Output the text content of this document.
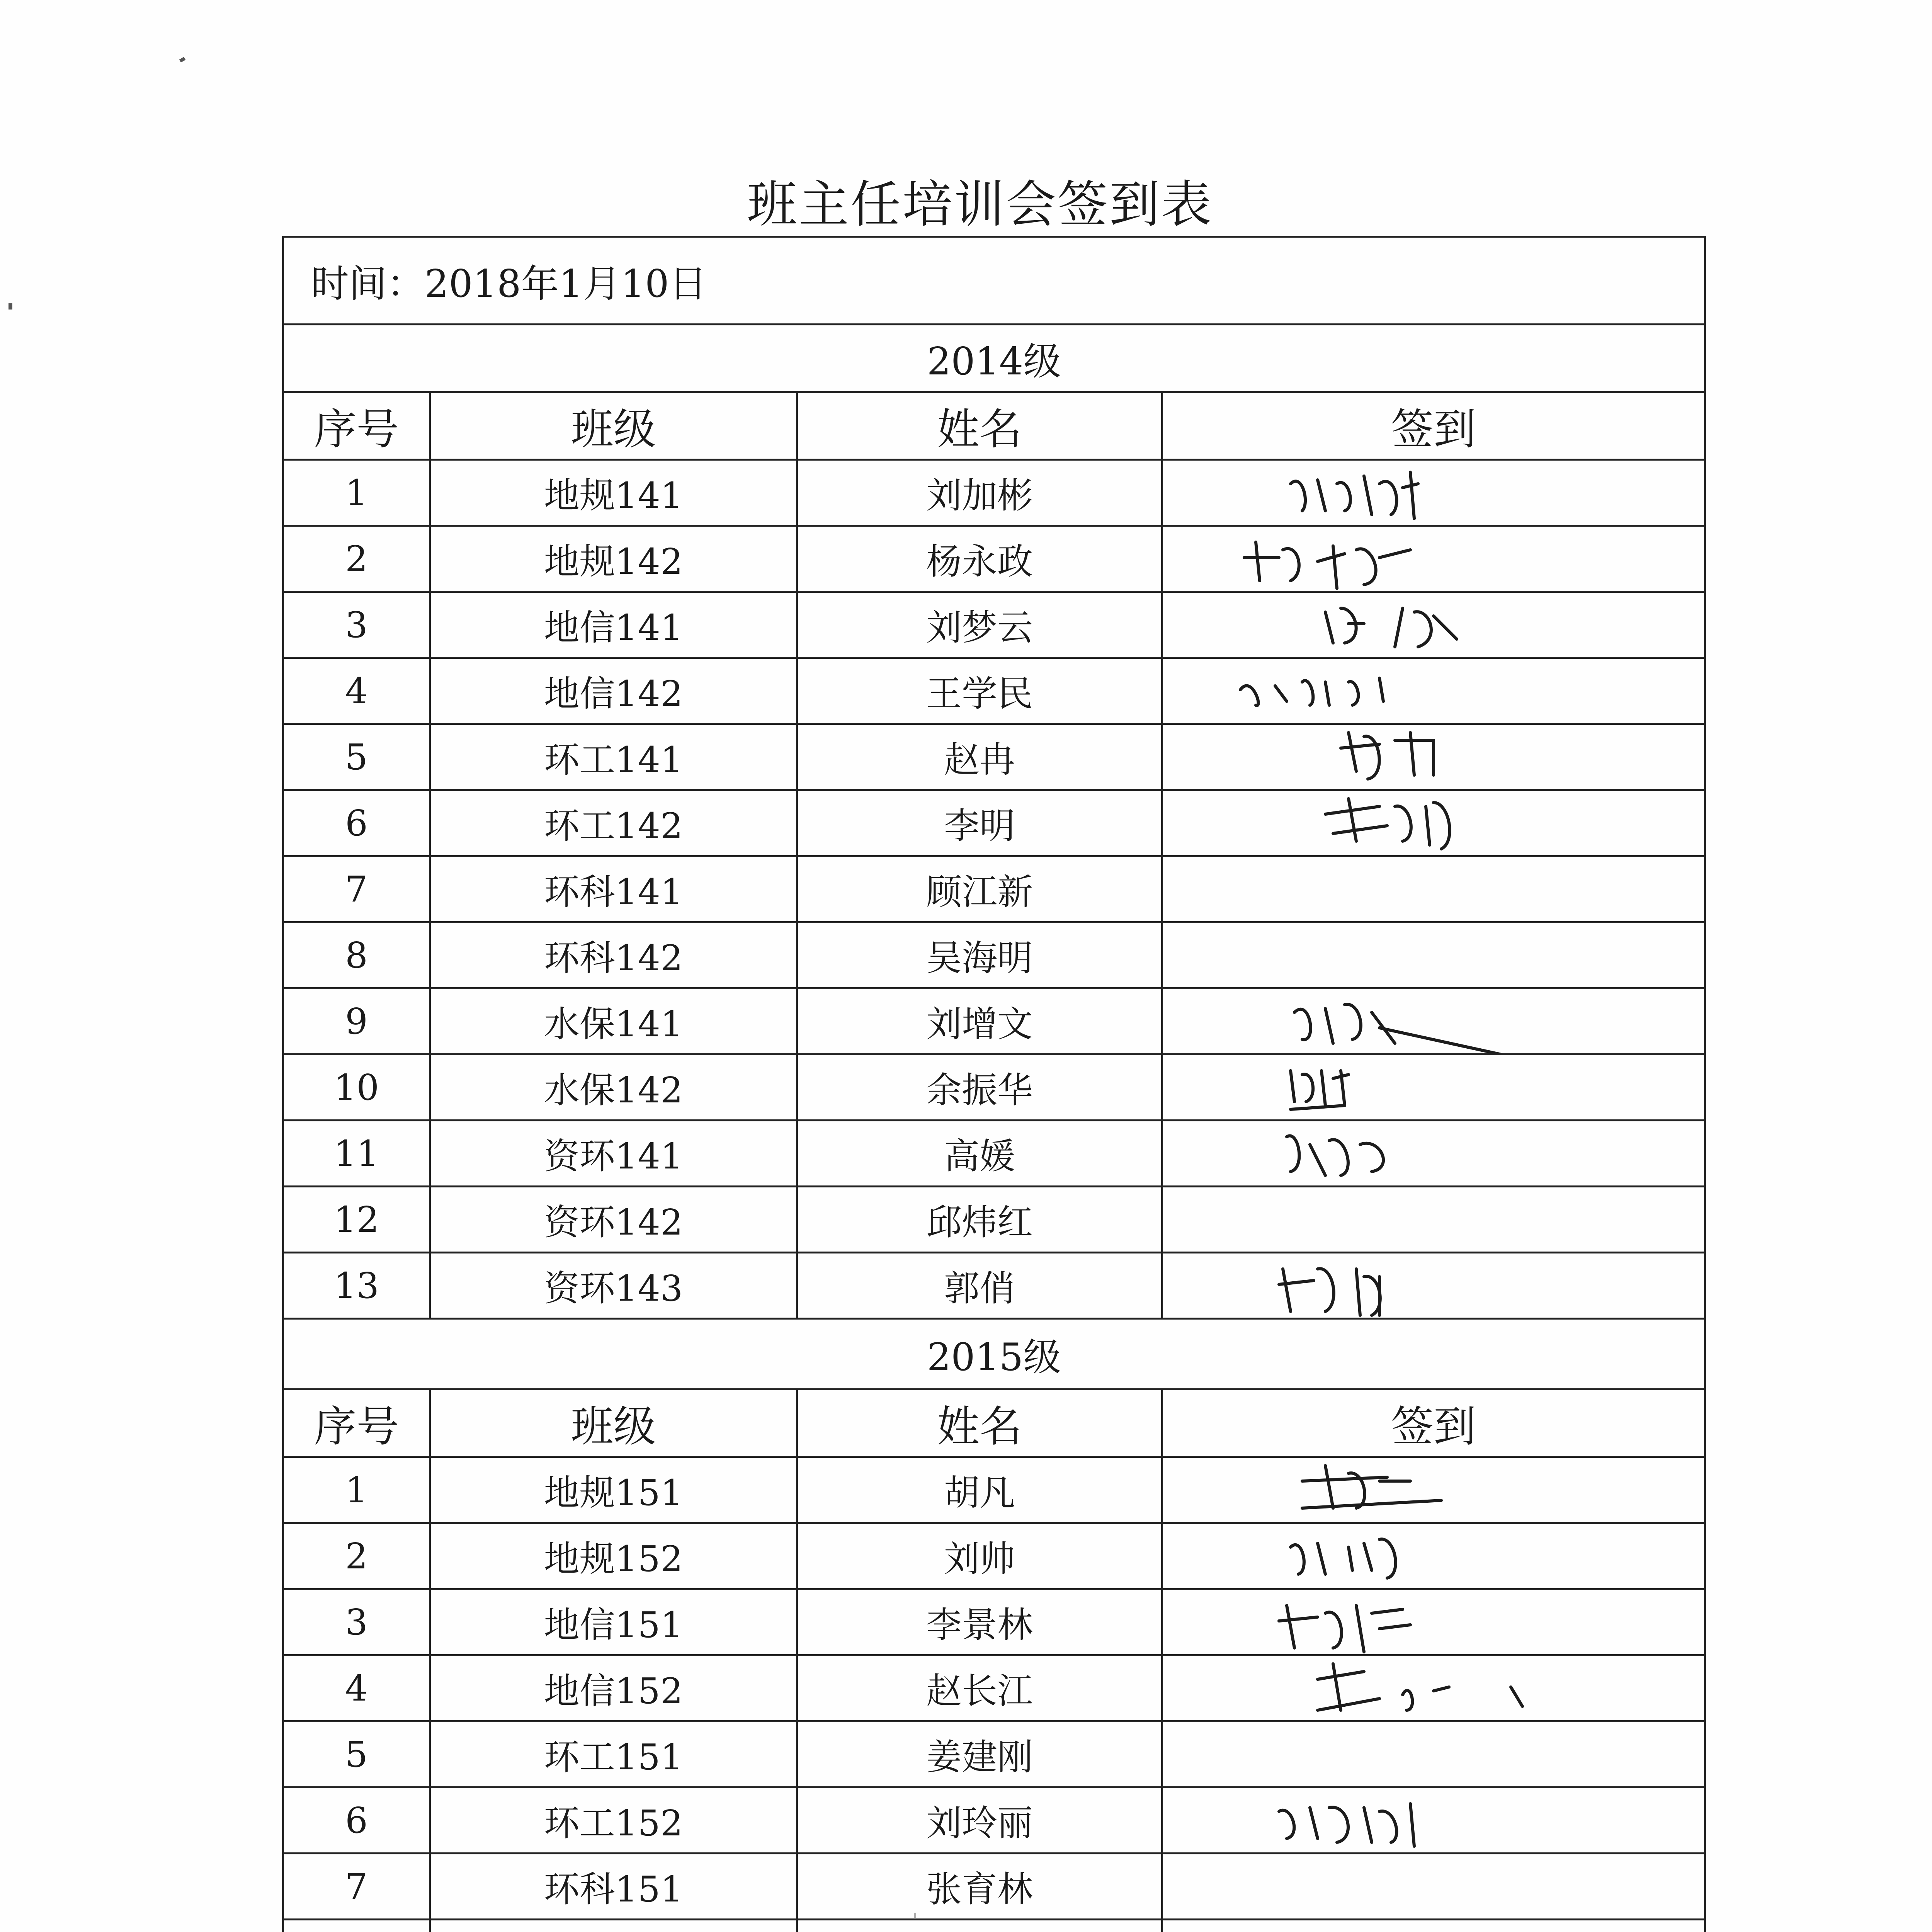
班主任培训会签到表
时间：2018年1月10日			
2014级			
序号	班级	姓名	签到
1	地规141	刘加彬	

2	地规142	杨永政	

3	地信141	刘梦云	

4	地信142	王学民	

5	环工141	赵冉	

6	环工142	李明	

7	环科141	顾江新	
8	环科142	吴海明	
9	水保141	刘增文	

10	水保142	余振华	

11	资环141	高媛	

12	资环142	邱炜红	
13	资环143	郭俏	

2015级			
序号	班级	姓名	签到
1	地规151	胡凡	

2	地规152	刘帅	

3	地信151	李景林	

4	地信152	赵长江	

5	环工151	姜建刚	
6	环工152	刘玲丽	

7	环科151	张育林	
